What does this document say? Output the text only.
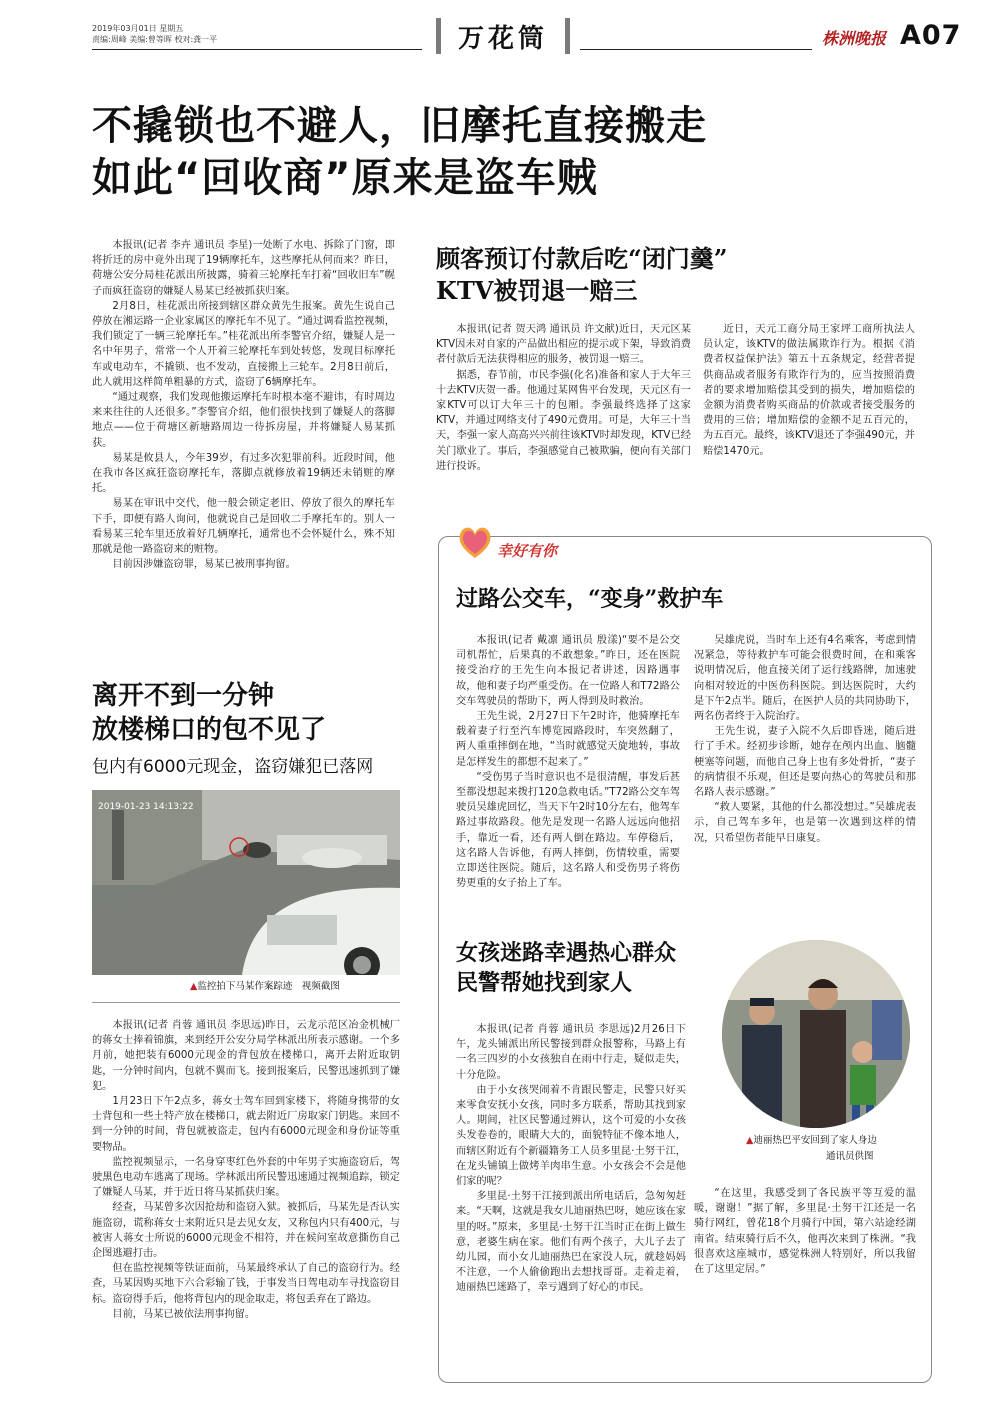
2019年03月01日 星期五
责编:周峰 美编:曾等晖 校对:龚一平	万花筒	株洲晚报 A07
不撬锁也不避人，旧摩托直接搬走
如此“回收商”原来是盗车贼

本报讯(记者 李卉 通讯员 李星)一处断了水电、拆除了门窗，即将折迁的房中竟外出现了19辆摩托车，这些摩托从何而来？昨日，荷塘公安分局桂花派出所披露，骑着三轮摩托车打着“回收旧车”幌子而疯狂盗窃的嫌疑人易某已经被抓获归案。

2月8日，桂花派出所接到辖区群众黄先生报案。黄先生说自己停放在湘运路一企业家属区的摩托车不见了。“通过调看监控视频，我们锁定了一辆三轮摩托车。”桂花派出所李警官介绍，嫌疑人是一名中年男子，常常一个人开着三轮摩托车到处转悠，发现目标摩托车或电动车，不撬锁、也不发动，直接搬上三轮车。2月8日前后，此人就用这样简单粗暴的方式，盗窃了6辆摩托车。

“通过观察，我们发现他搬运摩托车时根本毫不避讳，有时周边来来往往的人还很多。”李警官介绍，他们很快找到了嫌疑人的落脚地点——位于荷塘区新塘路周边一待拆房屋，并将嫌疑人易某抓获。

易某是攸县人，今年39岁，有过多次犯罪前科。近段时间，他在我市各区疯狂盗窃摩托车，落脚点就修放着19辆还未销赃的摩托。

易某在审讯中交代，他一般会锁定老旧、停放了很久的摩托车下手，即便有路人询问，他就说自己是回收二手摩托车的。别人一看易某三轮车里还放着好几辆摩托，通常也不会怀疑什么，殊不知那就是他一路盗窃来的赃物。

目前因涉嫌盗窃罪，易某已被刑事拘留。

顾客预订付款后吃“闭门羹”
KTV被罚退一赔三

本报讯(记者 贺天鸿 通讯员 许文献)近日，天元区某KTV因未对自家的产品做出相应的提示或下架，导致消费者付款后无法获得相应的服务，被罚退一赔三。

据悉，春节前，市民李强(化名)准备和家人于大年三十去KTV庆贺一番。他通过某网售平台发现，天元区有一家KTV可以订大年三十的包厢。李强最终选择了这家KTV，并通过网络支付了490元费用。可是，大年三十当天，李强一家人高高兴兴前往该KTV时却发现，KTV已经关门歇业了。事后，李强感觉自己被欺骗，便向有关部门进行投诉。

近日，天元工商分局王家坪工商所执法人员认定，该KTV的做法属欺诈行为。根据《消费者权益保护法》第五十五条规定，经营者提供商品或者服务有欺诈行为的，应当按照消费者的要求增加赔偿其受到的损失，增加赔偿的金额为消费者购买商品的价款或者接受服务的费用的三倍；增加赔偿的金额不足五百元的，为五百元。最终，该KTV退还了李强490元，并赔偿1470元。

离开不到一分钟
放楼梯口的包不见了
包内有6000元现金，盗窃嫌犯已落网
2019-01-23 14:13:22
▲监控拍下马某作案踪迹　视频截图

本报讯(记者 肖蓉 通讯员 李思远)昨日，云龙示范区冶金机械厂的蒋女士捧着锦旗，来到经开公安分局学林派出所表示感谢。一个多月前，她把装有6000元现金的背包放在楼梯口，离开去附近取钥匙，一分钟时间内，包就不翼而飞。接到报案后，民警迅速抓到了嫌犯。

1月23日下午2点多，蒋女士驾车回到家楼下，将随身携带的女士背包和一些土特产放在楼梯口，就去附近厂房取家门钥匙。来回不到一分钟的时间，背包就被盗走，包内有6000元现金和身份证等重要物品。

监控视频显示，一名身穿枣红色外套的中年男子实施盗窃后，驾驶黑色电动车逃离了现场。学林派出所民警迅速通过视频追踪，锁定了嫌疑人马某，并于近日将马某抓获归案。

经查，马某曾多次因抢劫和盗窃入狱。被抓后，马某先是否认实施盗窃，谎称蒋女士来附近只是去见女友，又称包内只有400元，与被害人蒋女士所说的6000元现金不相符，并在候问室故意撕伤自己企图逃避打击。

但在监控视频等铁证面前，马某最终承认了自己的盗窃行为。经查，马某因购买地下六合彩输了钱，于事发当日驾电动车寻找盗窃目标。盗窃得手后，他将背包内的现金取走，将包丢弃在了路边。

目前，马某已被依法刑事拘留。

幸好有你
过路公交车，“变身”救护车

本报讯(记者 戴凛 通讯员 殷漾)“要不是公交司机帮忙，后果真的不敢想象。”昨日，还在医院接受治疗的王先生向本报记者讲述，因路遇事故，他和妻子均严重受伤。在一位路人和T72路公交车驾驶员的帮助下，两人得到及时救治。

王先生说，2月27日下午2时许，他骑摩托车载着妻子行至汽车博览园路段时，车突然翻了，两人重重摔倒在地，“当时就感觉天旋地转，事故是怎样发生的都想不起来了。”

“受伤男子当时意识也不是很清醒，事发后甚至都没想起来拨打120急救电话。”T72路公交车驾驶员吴雄虎回忆，当天下午2时10分左右，他驾车路过事故路段。他先是发现一名路人远远向他招手，靠近一看，还有两人倒在路边。车停稳后，这名路人告诉他，有两人摔倒，伤情较重，需要立即送往医院。随后，这名路人和受伤男子将伤势更重的女子抬上了车。

吴雄虎说，当时车上还有4名乘客，考虑到情况紧急，等待救护车可能会很费时间，在和乘客说明情况后，他直接关闭了运行线路牌，加速驶向相对较近的中医伤科医院。到达医院时，大约是下午2点半。随后，在医护人员的共同协助下，两名伤者终于入院治疗。

王先生说，妻子入院不久后即昏迷，随后进行了手术。经初步诊断，她存在颅内出血、脑髓梗塞等问题，而他自己身上也有多处骨折，“妻子的病情很不乐观，但还是要向热心的驾驶员和那名路人表示感谢。”

“救人要紧，其他的什么都没想过。”吴雄虎表示，自己驾车多年，也是第一次遇到这样的情况，只希望伤者能早日康复。

女孩迷路幸遇热心群众
民警帮她找到家人

本报讯(记者 肖蓉 通讯员 李思远)2月26日下午，龙头铺派出所民警接到群众报警称，马路上有一名三四岁的小女孩独自在雨中行走，疑似走失，十分危险。

由于小女孩哭闹着不肯跟民警走，民警只好买来零食安抚小女孩，同时多方联系，帮助其找到家人。期间，社区民警通过辨认，这个可爱的小女孩头发卷卷的，眼睛大大的，面貌特征不像本地人，而辖区附近有个新疆籍务工人员多里昆·土努干江，在龙头铺镇上做烤羊肉串生意。小女孩会不会是他们家的呢？

多里昆·土努干江接到派出所电话后，急匆匆赶来。“天啊，这就是我女儿迪丽热巴呀，她应该在家里的呀。”原来，多里昆·土努干江当时正在街上做生意，老婆生病在家。他们有两个孩子，大儿子去了幼儿园，而小女儿迪丽热巴在家没人玩，就趁妈妈不注意，一个人偷偷跑出去想找哥哥。走着走着，迪丽热巴迷路了，幸亏遇到了好心的市民。

▲迪丽热巴平安回到了家人身边
通讯员供图

“在这里，我感受到了各民族平等互爱的温暖，谢谢！”据了解，多里昆·土努干江还是一名骑行网红，曾花18个月骑行中国，第六站途经湖南省。结束骑行后不久，他再次来到了株洲。“我很喜欢这座城市，感觉株洲人特别好，所以我留在了这里定居。”
